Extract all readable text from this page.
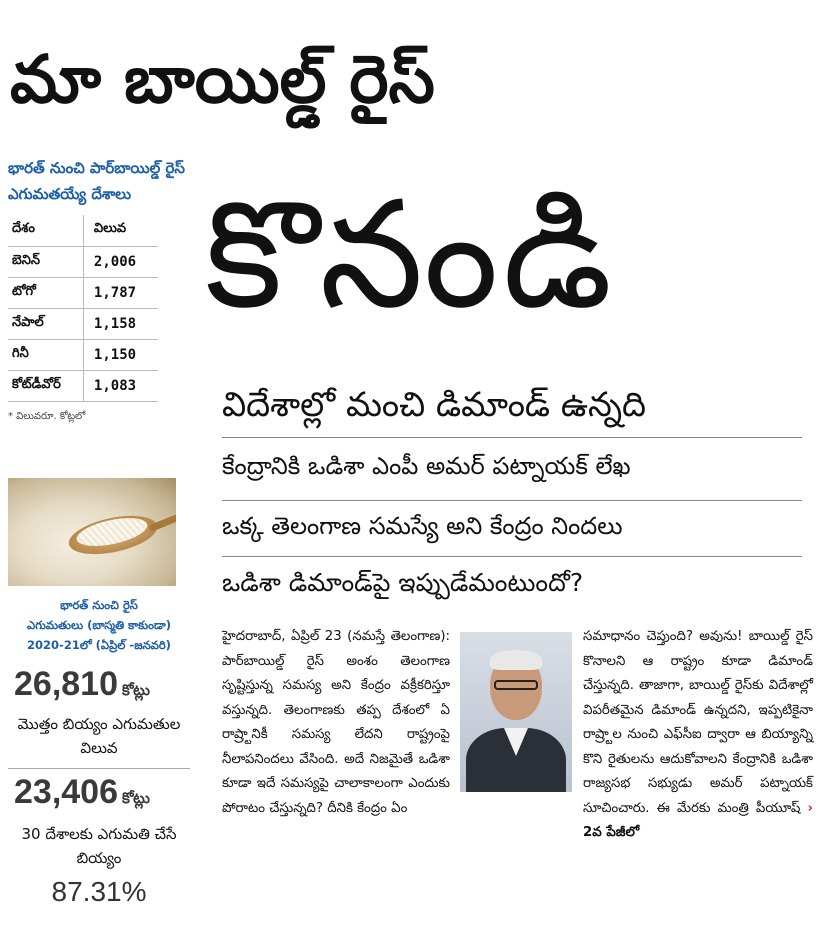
మా బాయిల్డ్ రైస్
కొనండి
భారత్ నుంచి పార్‌బాయిల్డ్ రైస్ ఎగుమతయ్యే దేశాలు
దేశం	విలువ
బెనిన్	2,006
టోగో	1,787
నేపాల్	1,158
గినీ	1,150
కోట్‌డీవోర్	1,083
* విలువరూ. కోట్లలో
భారత్ నుంచి రైస్
ఎగుమతులు (బాస్మతి కాకుండా)
2020-21లో (ఏప్రిల్ -జనవరి)
26,810 కోట్లు
మొత్తం బియ్యం ఎగుమతుల విలువ
23,406 కోట్లు
30 దేశాలకు ఎగుమతి చేసే బియ్యం
87.31%
విదేశాల్లో మంచి డిమాండ్ ఉన్నది
కేంద్రానికి ఒడిశా ఎంపీ అమర్ పట్నాయక్ లేఖ
ఒక్క తెలంగాణ సమస్యే అని కేంద్రం నిందలు
ఒడిశా డిమాండ్‌పై ఇప్పుడేమంటుందో?
హైదరాబాద్, ఏప్రిల్ 23 (నమస్తే తెలంగాణ): పార్‌బాయిల్డ్ రైస్ అంశం తెలంగాణ సృష్టిస్తున్న సమస్య అని కేంద్రం వక్రీకరిస్తూ వస్తున్నది. తెలంగాణకు తప్ప దేశంలో ఏ రాష్ర్టానికీ సమస్య లేదని రాష్ట్రంపై నీలాపనిందలు వేసింది. అదే నిజమైతే ఒడిశా కూడా ఇదే సమస్యపై చాలాకాలంగా ఎందుకు పోరాటం చేస్తున్నది? దీనికి కేంద్రం ఏం
సమాధానం చెప్తుంది? అవును! బాయిల్డ్ రైస్ కొనాలని ఆ రాష్ట్రం కూడా డిమాండ్ చేస్తున్నది. తాజాగా, బాయిల్డ్ రైస్‌కు విదేశాల్లో విపరీతమైన డిమాండ్ ఉన్నదని, ఇప్పటికైనా రాష్ర్టాల నుంచి ఎఫ్‌సీఐ ద్వారా ఆ బియ్యాన్ని కొని రైతులను ఆదుకోవాలని కేంద్రానికి ఒడిశా రాజ్యసభ సభ్యుడు అమర్ పట్నాయక్ సూచించారు. ఈ మేరకు మంత్రి పీయూష్ › 2వ పేజీలో
